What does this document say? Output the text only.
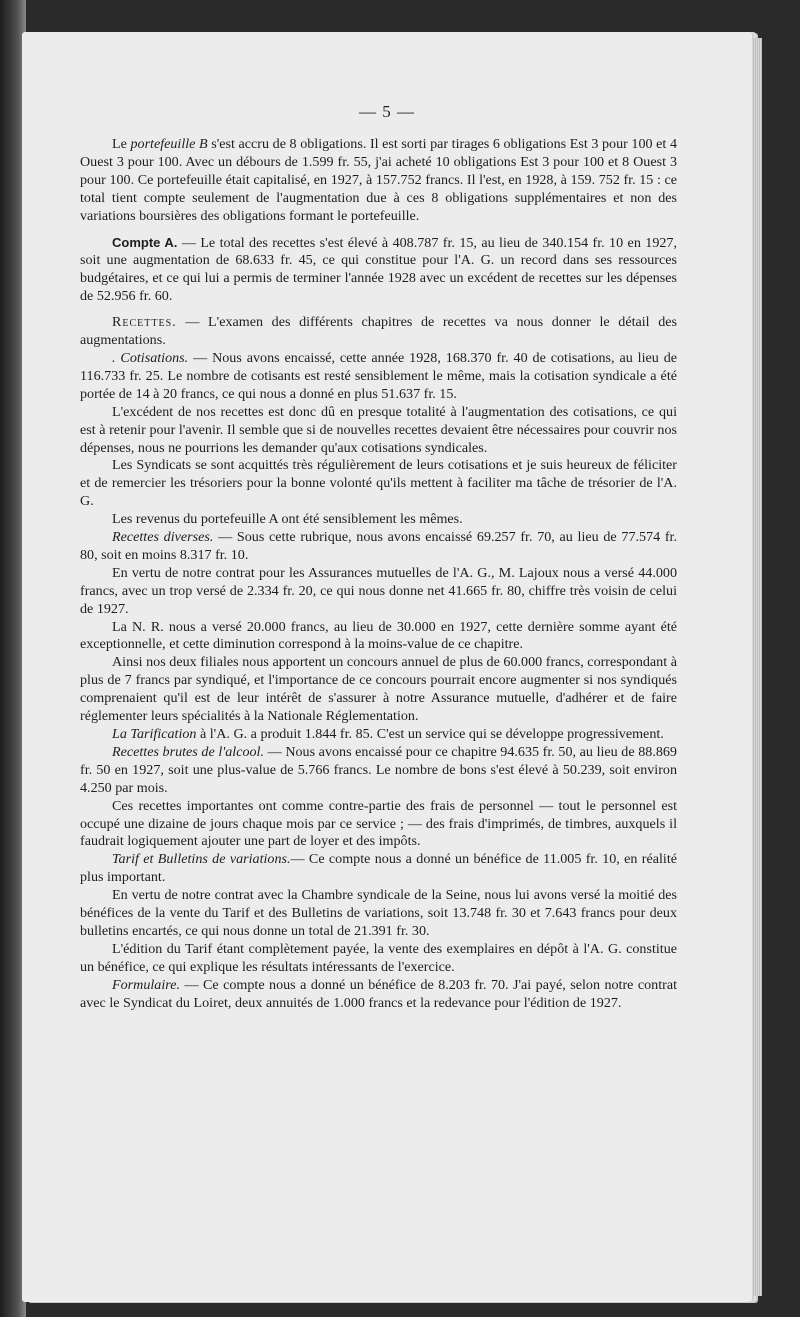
— 5 —

Le portefeuille B s'est accru de 8 obligations. Il est sorti par tirages 6 obligations Est 3 pour 100 et 4 Ouest 3 pour 100. Avec un débours de 1.599 fr. 55, j'ai acheté 10 obligations Est 3 pour 100 et 8 Ouest 3 pour 100. Ce portefeuille était capitalisé, en 1927, à 157.752 francs. Il l'est, en 1928, à 159. 752 fr. 15 : ce total tient compte seulement de l'augmentation due à ces 8 obligations supplémentaires et non des variations boursières des obligations formant le portefeuille.

Compte A. — Le total des recettes s'est élevé à 408.787 fr. 15, au lieu de 340.154 fr. 10 en 1927, soit une augmentation de 68.633 fr. 45, ce qui constitue pour l'A. G. un record dans ses ressources budgétaires, et ce qui lui a permis de terminer l'année 1928 avec un excédent de recettes sur les dépenses de 52.956 fr. 60.

Recettes. — L'examen des différents chapitres de recettes va nous donner le détail des augmentations.

. Cotisations. — Nous avons encaissé, cette année 1928, 168.370 fr. 40 de cotisations, au lieu de 116.733 fr. 25. Le nombre de cotisants est resté sensiblement le même, mais la cotisation syndicale a été portée de 14 à 20 francs, ce qui nous a donné en plus 51.637 fr. 15.

L'excédent de nos recettes est donc dû en presque totalité à l'augmentation des cotisations, ce qui est à retenir pour l'avenir. Il semble que si de nouvelles recettes devaient être nécessaires pour couvrir nos dépenses, nous ne pourrions les demander qu'aux cotisations syndicales.

Les Syndicats se sont acquittés très régulièrement de leurs cotisations et je suis heureux de féliciter et de remercier les trésoriers pour la bonne volonté qu'ils mettent à faciliter ma tâche de trésorier de l'A. G.

Les revenus du portefeuille A ont été sensiblement les mêmes.

Recettes diverses. — Sous cette rubrique, nous avons encaissé 69.257 fr. 70, au lieu de 77.574 fr. 80, soit en moins 8.317 fr. 10.

En vertu de notre contrat pour les Assurances mutuelles de l'A. G., M. Lajoux nous a versé 44.000 francs, avec un trop versé de 2.334 fr. 20, ce qui nous donne net 41.665 fr. 80, chiffre très voisin de celui de 1927.

La N. R. nous a versé 20.000 francs, au lieu de 30.000 en 1927, cette dernière somme ayant été exceptionnelle, et cette diminution correspond à la moins-value de ce chapitre.

Ainsi nos deux filiales nous apportent un concours annuel de plus de 60.000 francs, correspondant à plus de 7 francs par syndiqué, et l'importance de ce concours pourrait encore augmenter si nos syndiqués comprenaient qu'il est de leur intérêt de s'assurer à notre Assurance mutuelle, d'adhérer et de faire réglementer leurs spécialités à la Nationale Réglementation.

La Tarification à l'A. G. a produit 1.844 fr. 85. C'est un service qui se développe progressivement.

Recettes brutes de l'alcool. — Nous avons encaissé pour ce chapitre 94.635 fr. 50, au lieu de 88.869 fr. 50 en 1927, soit une plus-value de 5.766 francs. Le nombre de bons s'est élevé à 50.239, soit environ 4.250 par mois.

Ces recettes importantes ont comme contre-partie des frais de personnel — tout le personnel est occupé une dizaine de jours chaque mois par ce service ; — des frais d'imprimés, de timbres, auxquels il faudrait logiquement ajouter une part de loyer et des impôts.

Tarif et Bulletins de variations.— Ce compte nous a donné un bénéfice de 11.005 fr. 10, en réalité plus important.

En vertu de notre contrat avec la Chambre syndicale de la Seine, nous lui avons versé la moitié des bénéfices de la vente du Tarif et des Bulletins de variations, soit 13.748 fr. 30 et 7.643 francs pour deux bulletins encartés, ce qui nous donne un total de 21.391 fr. 30.

L'édition du Tarif étant complètement payée, la vente des exemplaires en dépôt à l'A. G. constitue un bénéfice, ce qui explique les résultats intéressants de l'exercice.

Formulaire. — Ce compte nous a donné un bénéfice de 8.203 fr. 70. J'ai payé, selon notre contrat avec le Syndicat du Loiret, deux annuités de 1.000 francs et la redevance pour l'édition de 1927.
